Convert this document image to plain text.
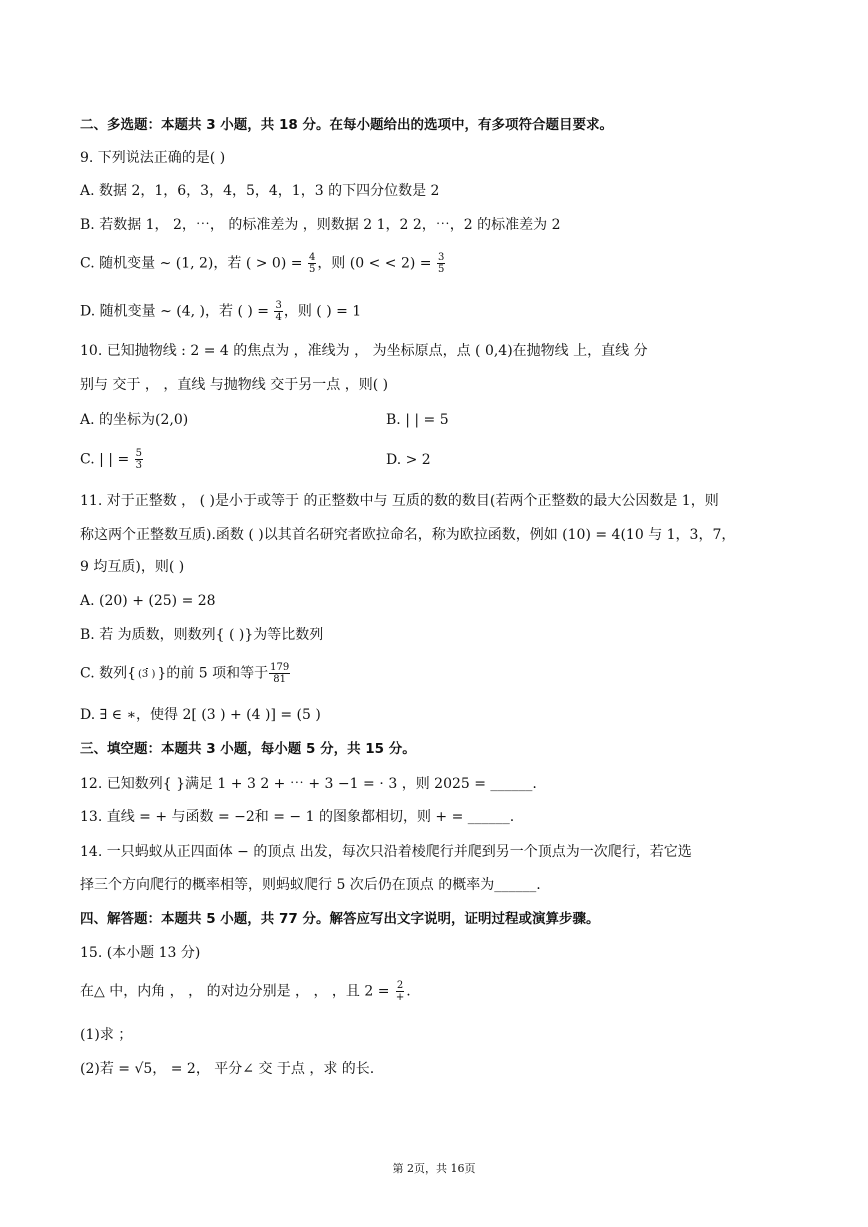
二、多选题：本题共 3 小题，共 18 分。在每小题给出的选项中，有多项符合题目要求。
9. 下列说法正确的是( )
A. 数据 2，1，6，3，4，5，4，1，3 的下四分位数是 2
B. 若数据 1， 2，⋯， 的标准差为 ，则数据 2 1，2 2，⋯，2 的标准差为 2
C. 随机变量 ∼ (1, 2)，若 ( > $0) = \frac{4}{5}$ ，则 (0 < < $2) = \frac{3}{5}$
D. 随机变量 ∼ (4, )，若 ( ) = $\frac{3}{4}$ ，则 ( ) = 1
10. 已知抛物线 : 2 = 4 的焦点为 ，准线为 ， 为坐标原点，点 ( 0,4)在抛物线 上，直线 分
别与 交于 ， ，直线 与抛物线 交于另一点 ，则( )
A. 的坐标为(2,0)	B. | | = 5
C. | | = $\frac{5}{3}$	D. > 2
11. 对于正整数 ， ( )是小于或等于 的正整数中与 互质的数的数目(若两个正整数的最大公因数是 1，则
称这两个正整数互质).函数 ( )以其首名研究者欧拉命名，称为欧拉函数，例如 (10) = 4(10 与 1，3，7，
9 均互质)，则( )
A. (20) + (25) = 28
B. 若 为质数，则数列{ ( )}为等比数列
C. 数列{ (3 ) }的前 5 项和等于 $\frac{179}{81}$
D. ∃ ∈ ∗，使得 2[ (3 ) + (4 )] = (5 )
三、填空题：本题共 3 小题，每小题 5 分，共 15 分。
12. 已知数列{ }满足 1 + 3 2 + ⋯ + 3 −1 = ⋅ 3 ，则 2025 = ______.
13. 直线 = + 与函数 = −2和 = − 1 的图象都相切，则 + = ______.
14. 一只蚂蚁从正四面体 − 的顶点 出发，每次只沿着棱爬行并爬到另一个顶点为一次爬行，若它选
择三个方向爬行的概率相等，则蚂蚁爬行 5 次后仍在顶点 的概率为______.
四、解答题：本题共 5 小题，共 77 分。解答应写出文字说明，证明过程或演算步骤。
15. (本小题 13 分)
在△ 中，内角 ， ， 的对边分别是 ， ， ，且 $2 = \frac{2}{+}$ .
(1)求 ；
(2)若 = √5， = 2， 平分∠ 交 于点 ，求 的长.
第 2页，共 16页
